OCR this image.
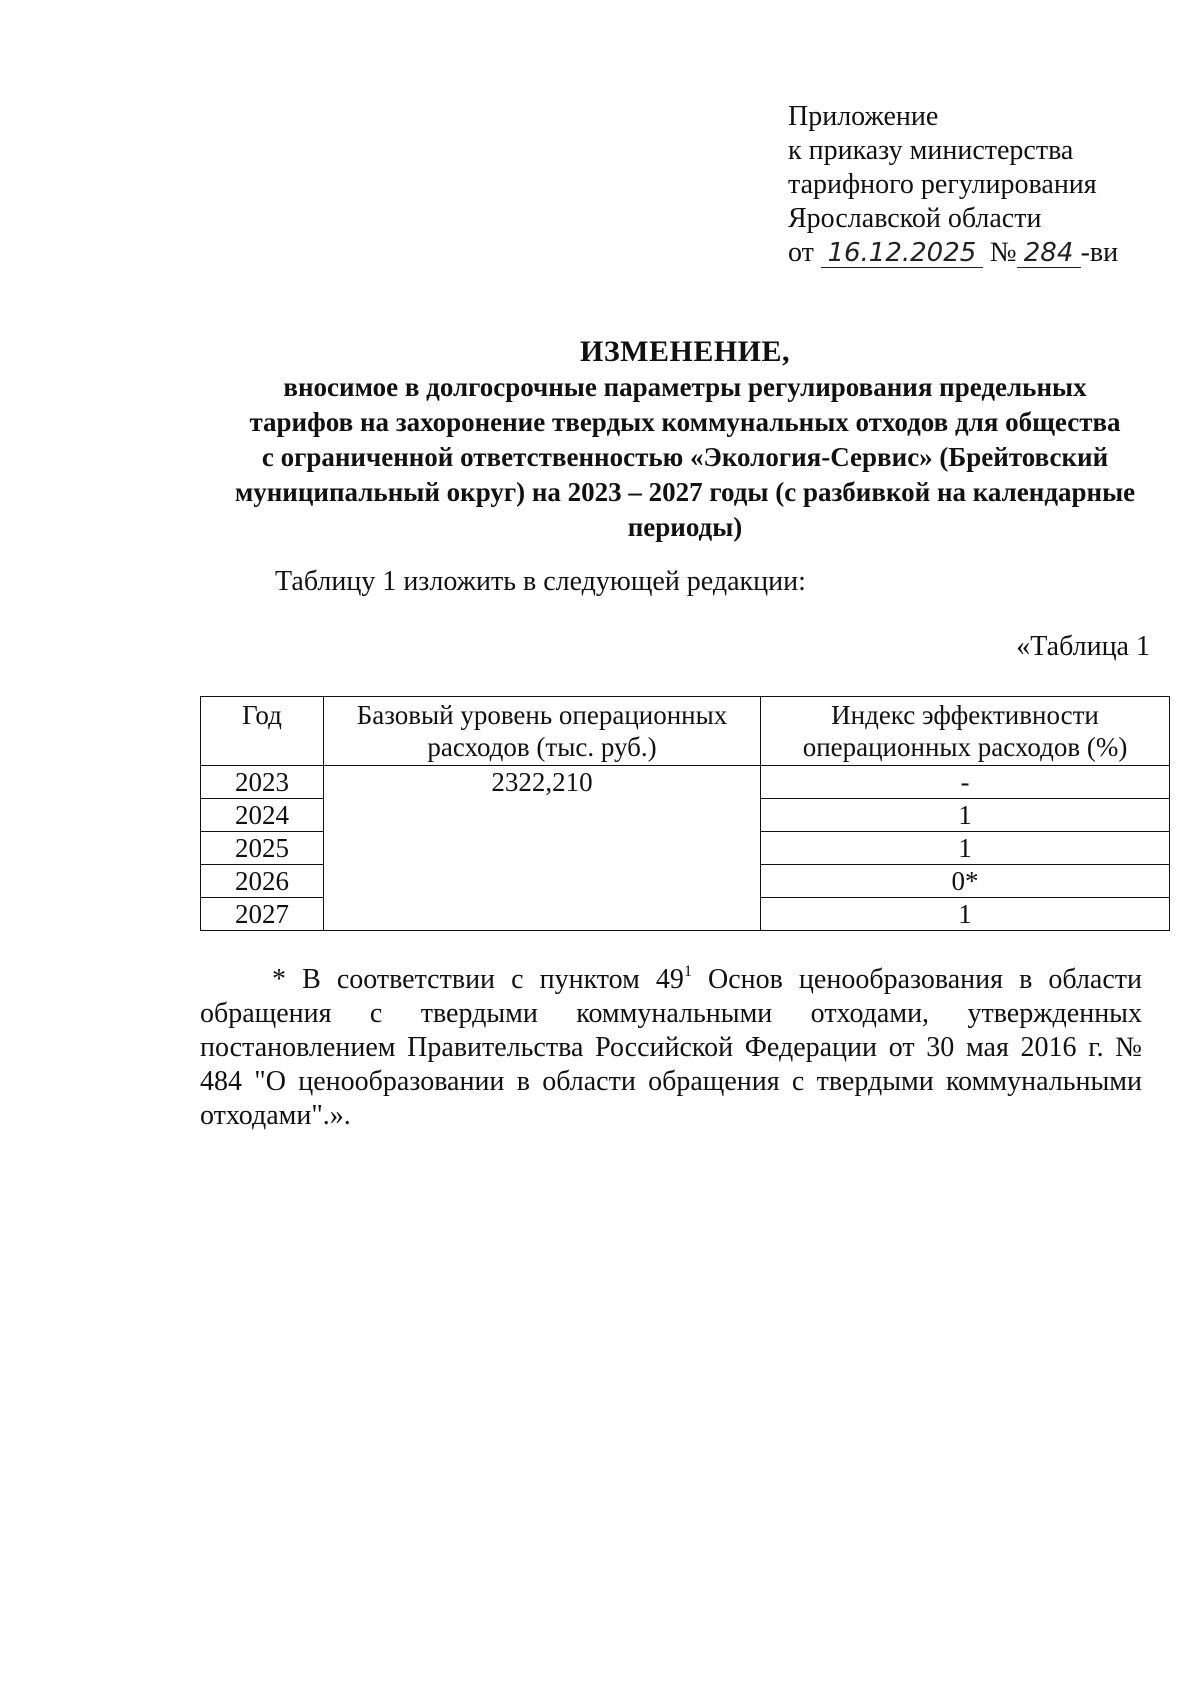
Приложение
к приказу министерства
тарифного регулирования
Ярославской области
от 16.12.2025 № 284 -ви
ИЗМЕНЕНИЕ,
вносимое в долгосрочные параметры регулирования предельных
тарифов на захоронение твердых коммунальных отходов для общества
с ограниченной ответственностью «Экология-Сервис» (Брейтовский
муниципальный округ) на 2023 – 2027 годы (с разбивкой на календарные
периоды)
Таблицу 1 изложить в следующей редакции:
«Таблица 1
Год	Базовый уровень операционных расходов (тыс. руб.)	Индекс эффективности операционных расходов (%)
2023	2322,210	-
2024		1
2025		1
2026		0*
2027		1

* В соответствии с пунктом $49^1$ Основ ценообразования в области обращения с твердыми коммунальными отходами, утвержденных постановлением Правительства Российской Федерации от 30 мая 2016 г. № 484 "О ценообразовании в области обращения с твердыми коммунальными отходами".».
